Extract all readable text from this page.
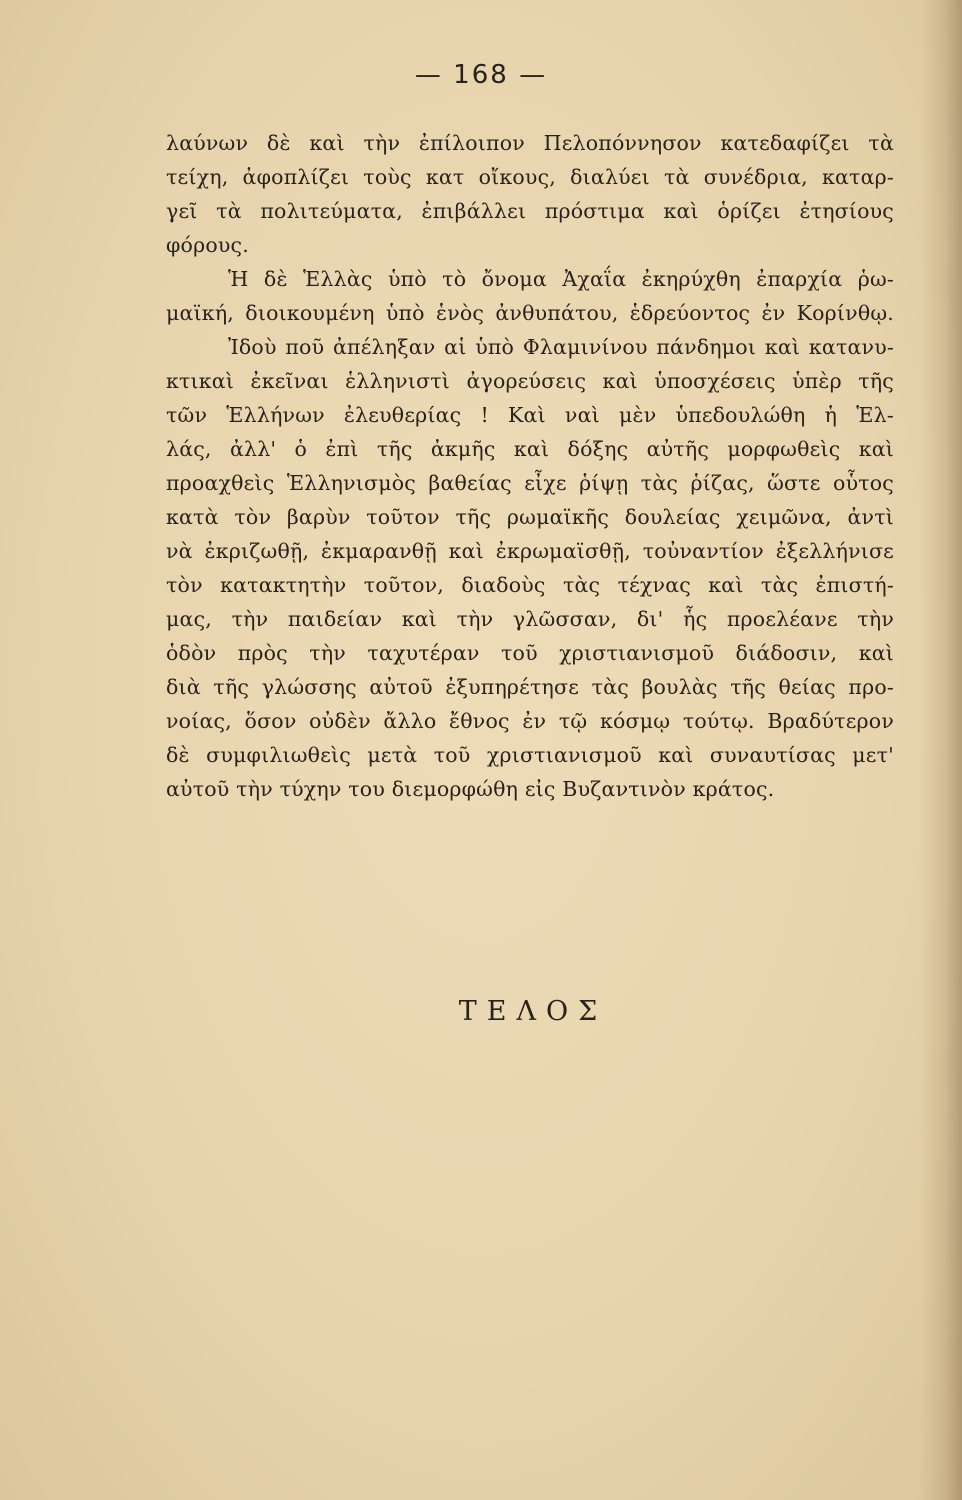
— 168 —
λαύνων δὲ καὶ τὴν ἐπίλοιπον Πελοπόννησον κατεδαφίζει τὰ
τείχη, ἀφοπλίζει τοὺς κατ οἴκους, διαλύει τὰ συνέδρια, καταρ-
γεῖ τὰ πολιτεύματα, ἐπιβάλλει πρόστιμα καὶ ὁρίζει ἐτησίους
φόρους.
Ἡ δὲ Ἑλλὰς ὑπὸ τὸ ὄνομα Ἀχαΐα ἐκηρύχθη ἐπαρχία ῥω-
μαϊκή, διοικουμένη ὑπὸ ἑνὸς ἀνθυπάτου, ἑδρεύοντος ἐν Κορίνθῳ.
Ἰδοὺ ποῦ ἀπέληξαν αἱ ὑπὸ Φλαμινίνου πάνδημοι καὶ κατανυ-
κτικαὶ ἐκεῖναι ἑλληνιστὶ ἀγορεύσεις καὶ ὑποσχέσεις ὑπὲρ τῆς
τῶν Ἑλλήνων ἐλευθερίας ! Καὶ ναὶ μὲν ὑπεδουλώθη ἡ Ἑλ-
λάς, ἀλλ' ὁ ἐπὶ τῆς ἀκμῆς καὶ δόξης αὐτῆς μορφωθεὶς καὶ
προαχθεὶς Ἑλληνισμὸς βαθείας εἶχε ῥίψῃ τὰς ῥίζας, ὥστε οὗτος
κατὰ τὸν βαρὺν τοῦτον τῆς ρωμαϊκῆς δουλείας χειμῶνα, ἀντὶ
νὰ ἐκριζωθῇ, ἐκμαρανθῇ καὶ ἐκρωμαϊσθῇ, τοὐναντίον ἐξελλήνισε
τὸν κατακτητὴν τοῦτον, διαδοὺς τὰς τέχνας καὶ τὰς ἐπιστή-
μας, τὴν παιδείαν καὶ τὴν γλῶσσαν, δι' ἧς προελέανε τὴν
ὁδὸν πρὸς τὴν ταχυτέραν τοῦ χριστιανισμοῦ διάδοσιν, καὶ
διὰ τῆς γλώσσης αὐτοῦ ἐξυπηρέτησε τὰς βουλὰς τῆς θείας προ-
νοίας, ὅσον οὐδὲν ἄλλο ἔθνος ἐν τῷ κόσμῳ τούτῳ. Βραδύτερον
δὲ συμφιλιωθεὶς μετὰ τοῦ χριστιανισμοῦ καὶ συναυτίσας μετ'
αὐτοῦ τὴν τύχην του διεμορφώθη εἰς Βυζαντινὸν κράτος.
ΤΕΛΟΣ
